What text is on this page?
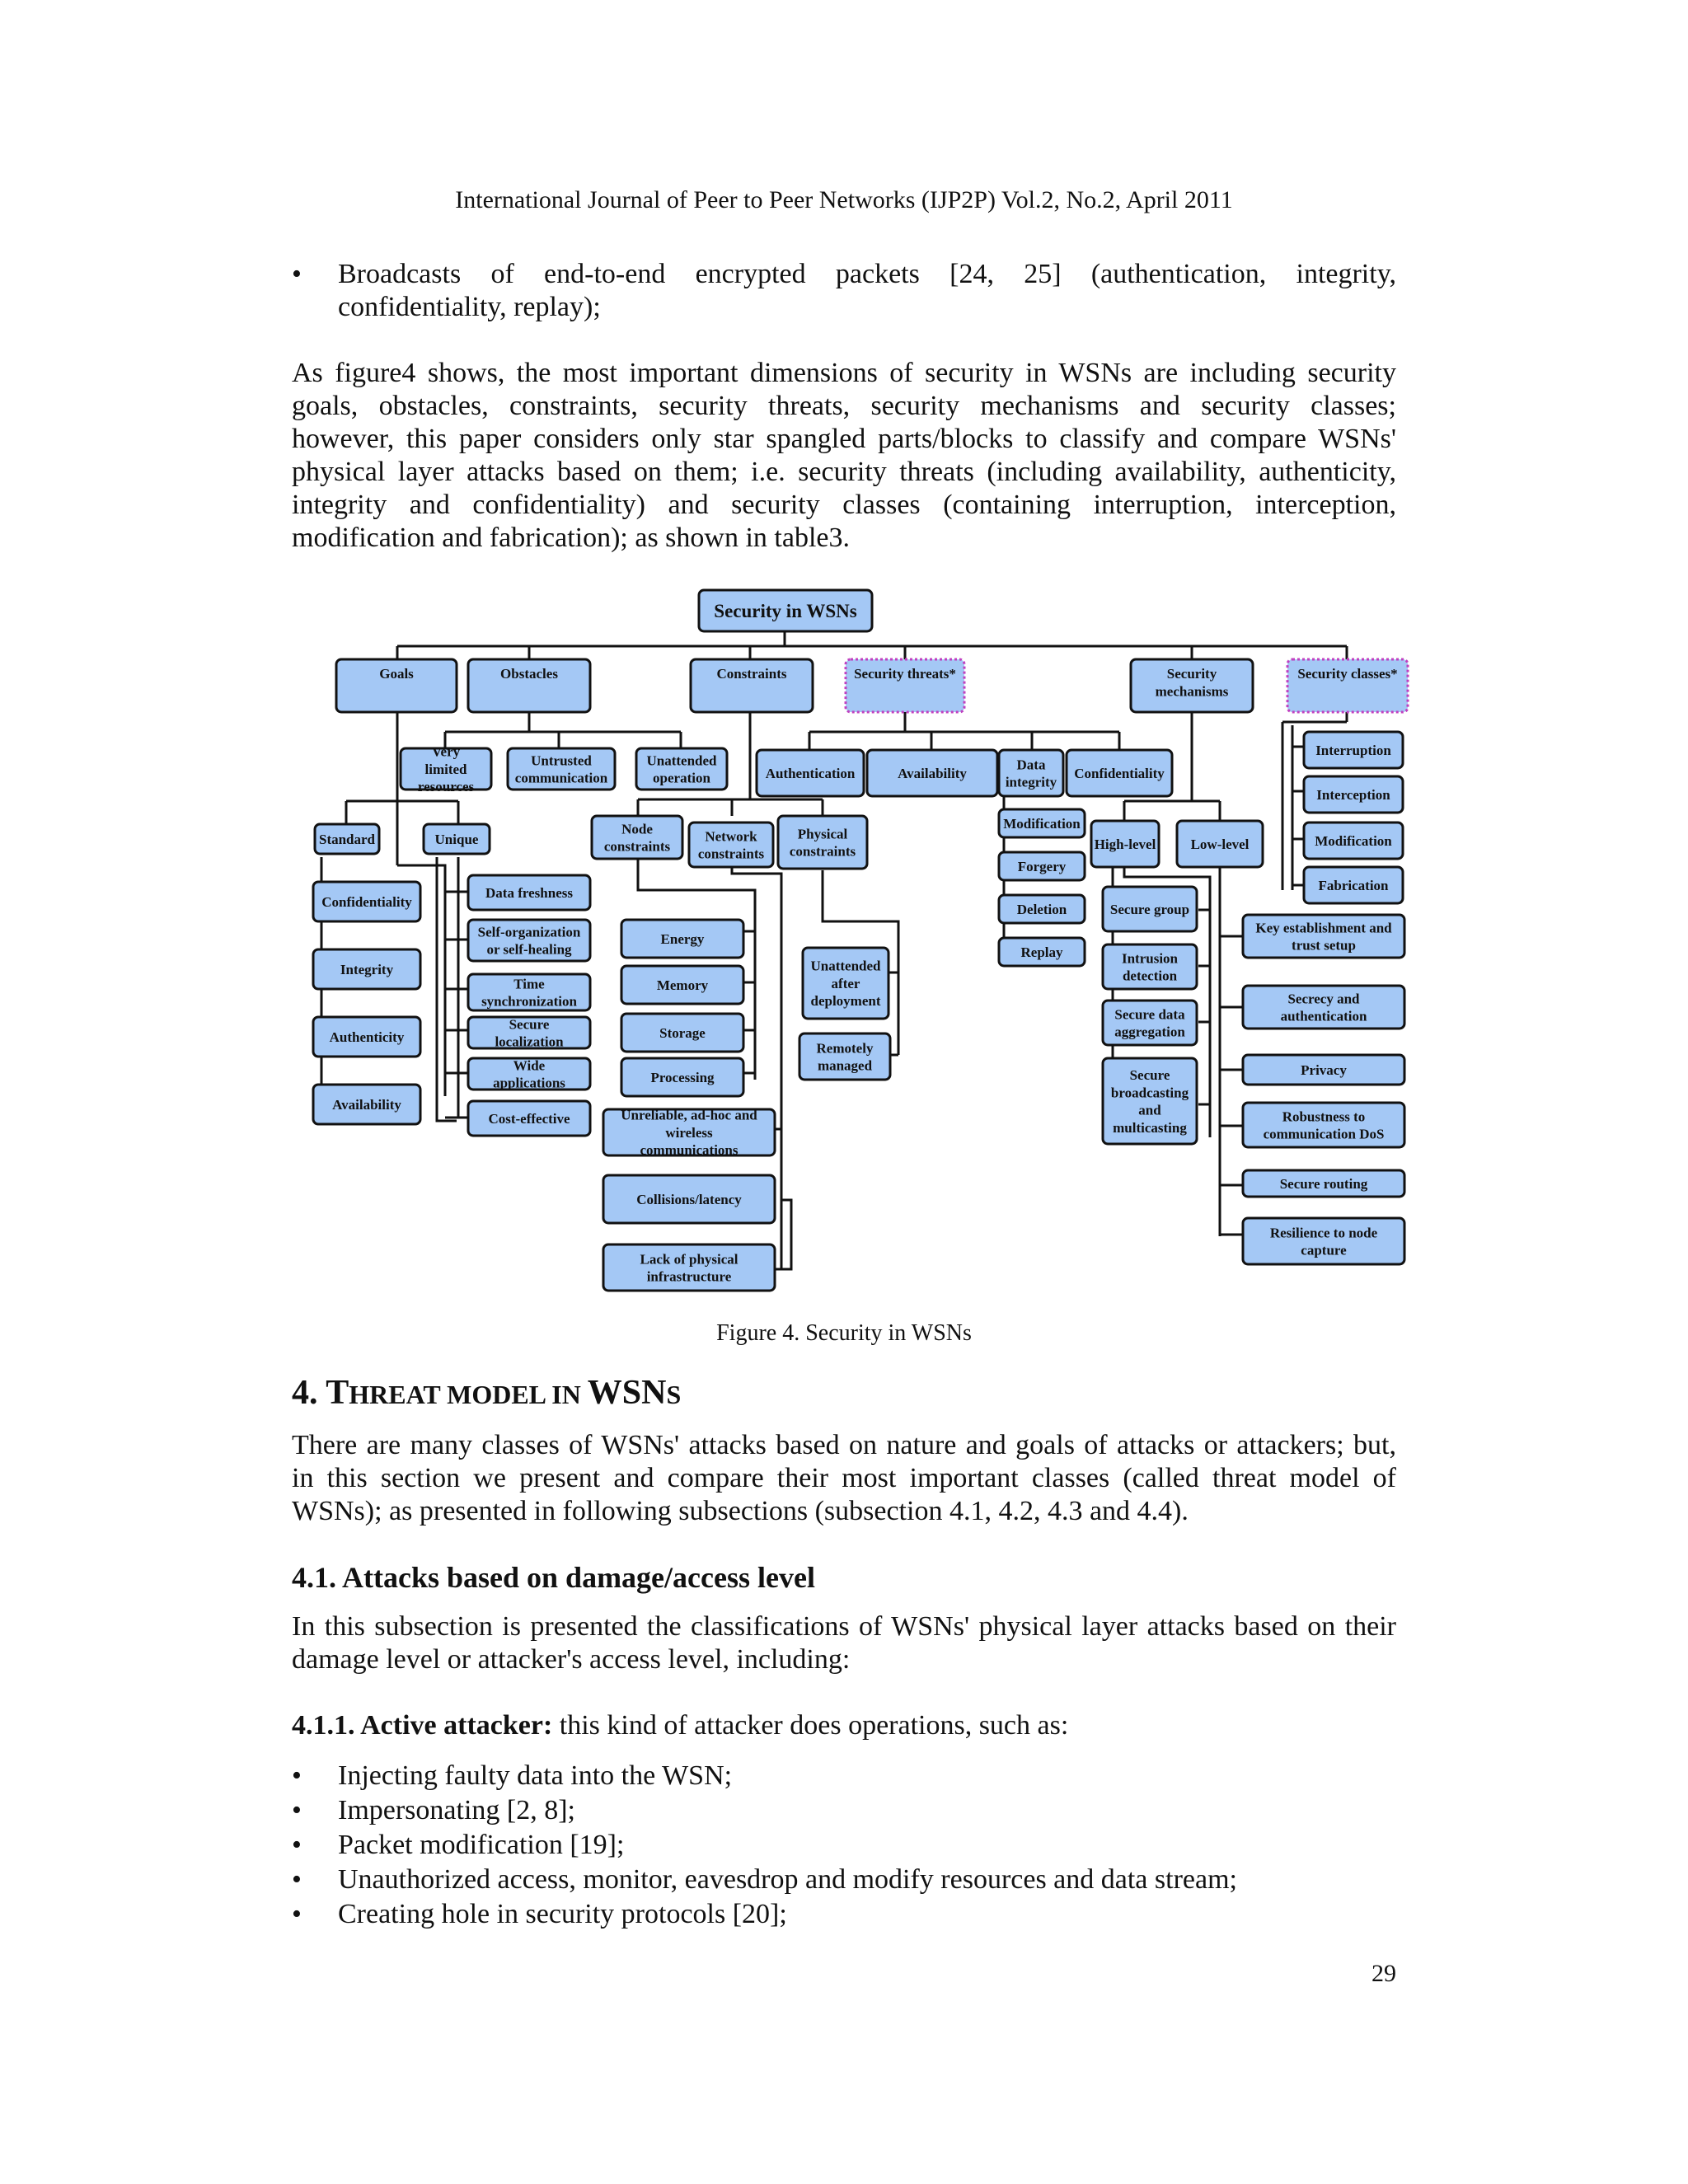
International Journal of Peer to Peer Networks (IJP2P) Vol.2, No.2, April 2011
• Broadcasts of end-to-end encrypted packets [24, 25] (authentication, integrity,
confidentiality, replay);
As figure4 shows, the most important dimensions of security in WSNs are including security
goals, obstacles, constraints, security threats, security mechanisms and security classes;
however, this paper considers only star spangled parts/blocks to classify and compare WSNs'
physical layer attacks based on them; i.e. security threats (including availability, authenticity,
integrity and confidentiality) and security classes (containing interruption, interception,
modification and fabrication); as shown in table3.
Security in WSNs
Goals	Obstacles	Constraints	Security threats*	Security
mechanisms
Security classes*
Standard	Unique
Confidentiality
Integrity
Authenticity
Availability
Data freshness
Self-organization
or self-healing
Time
synchronization
Secure
localization
Wide
applications
Cost-effective
Very
limited
resources
Untrusted
communication
Unattended
operation
Node
constraints
Network
constraints
Physical
constraints
Energy
Memory
Storage
Processing
Unreliable, ad-hoc and
wireless
communications
Collisions/latency
Lack of physical
infrastructure
Unattended
after
deployment
Remotely
managed
Authentication	Availability
Data
integrity
Confidentiality
Modification
Forgery
Deletion
Replay
High-level Low-level
Secure group
Intrusion
detection
Secure data
aggregation
Secure
broadcasting
and
multicasting
Key establishment and
trust setup
Secrecy and
authentication
Privacy
Robustness to
communication DoS
Secure routing
Resilience to node
capture
Interruption
Interception
Modification
Fabrication
Figure 4. Security in WSNs
4. THREAT MODEL IN WSNS
There are many classes of WSNs' attacks based on nature and goals of attacks or attackers; but,
in this section we present and compare their most important classes (called threat model of
WSNs); as presented in following subsections (subsection 4.1, 4.2, 4.3 and 4.4).
4.1. Attacks based on damage/access level
In this subsection is presented the classifications of WSNs' physical layer attacks based on their
damage level or attacker's access level, including:
4.1.1. Active attacker: this kind of attacker does operations, such as:
• Injecting faulty data into the WSN;
• Impersonating [2, 8];
• Packet modification [19];
• Unauthorized access, monitor, eavesdrop and modify resources and data stream;
• Creating hole in security protocols [20];
29
